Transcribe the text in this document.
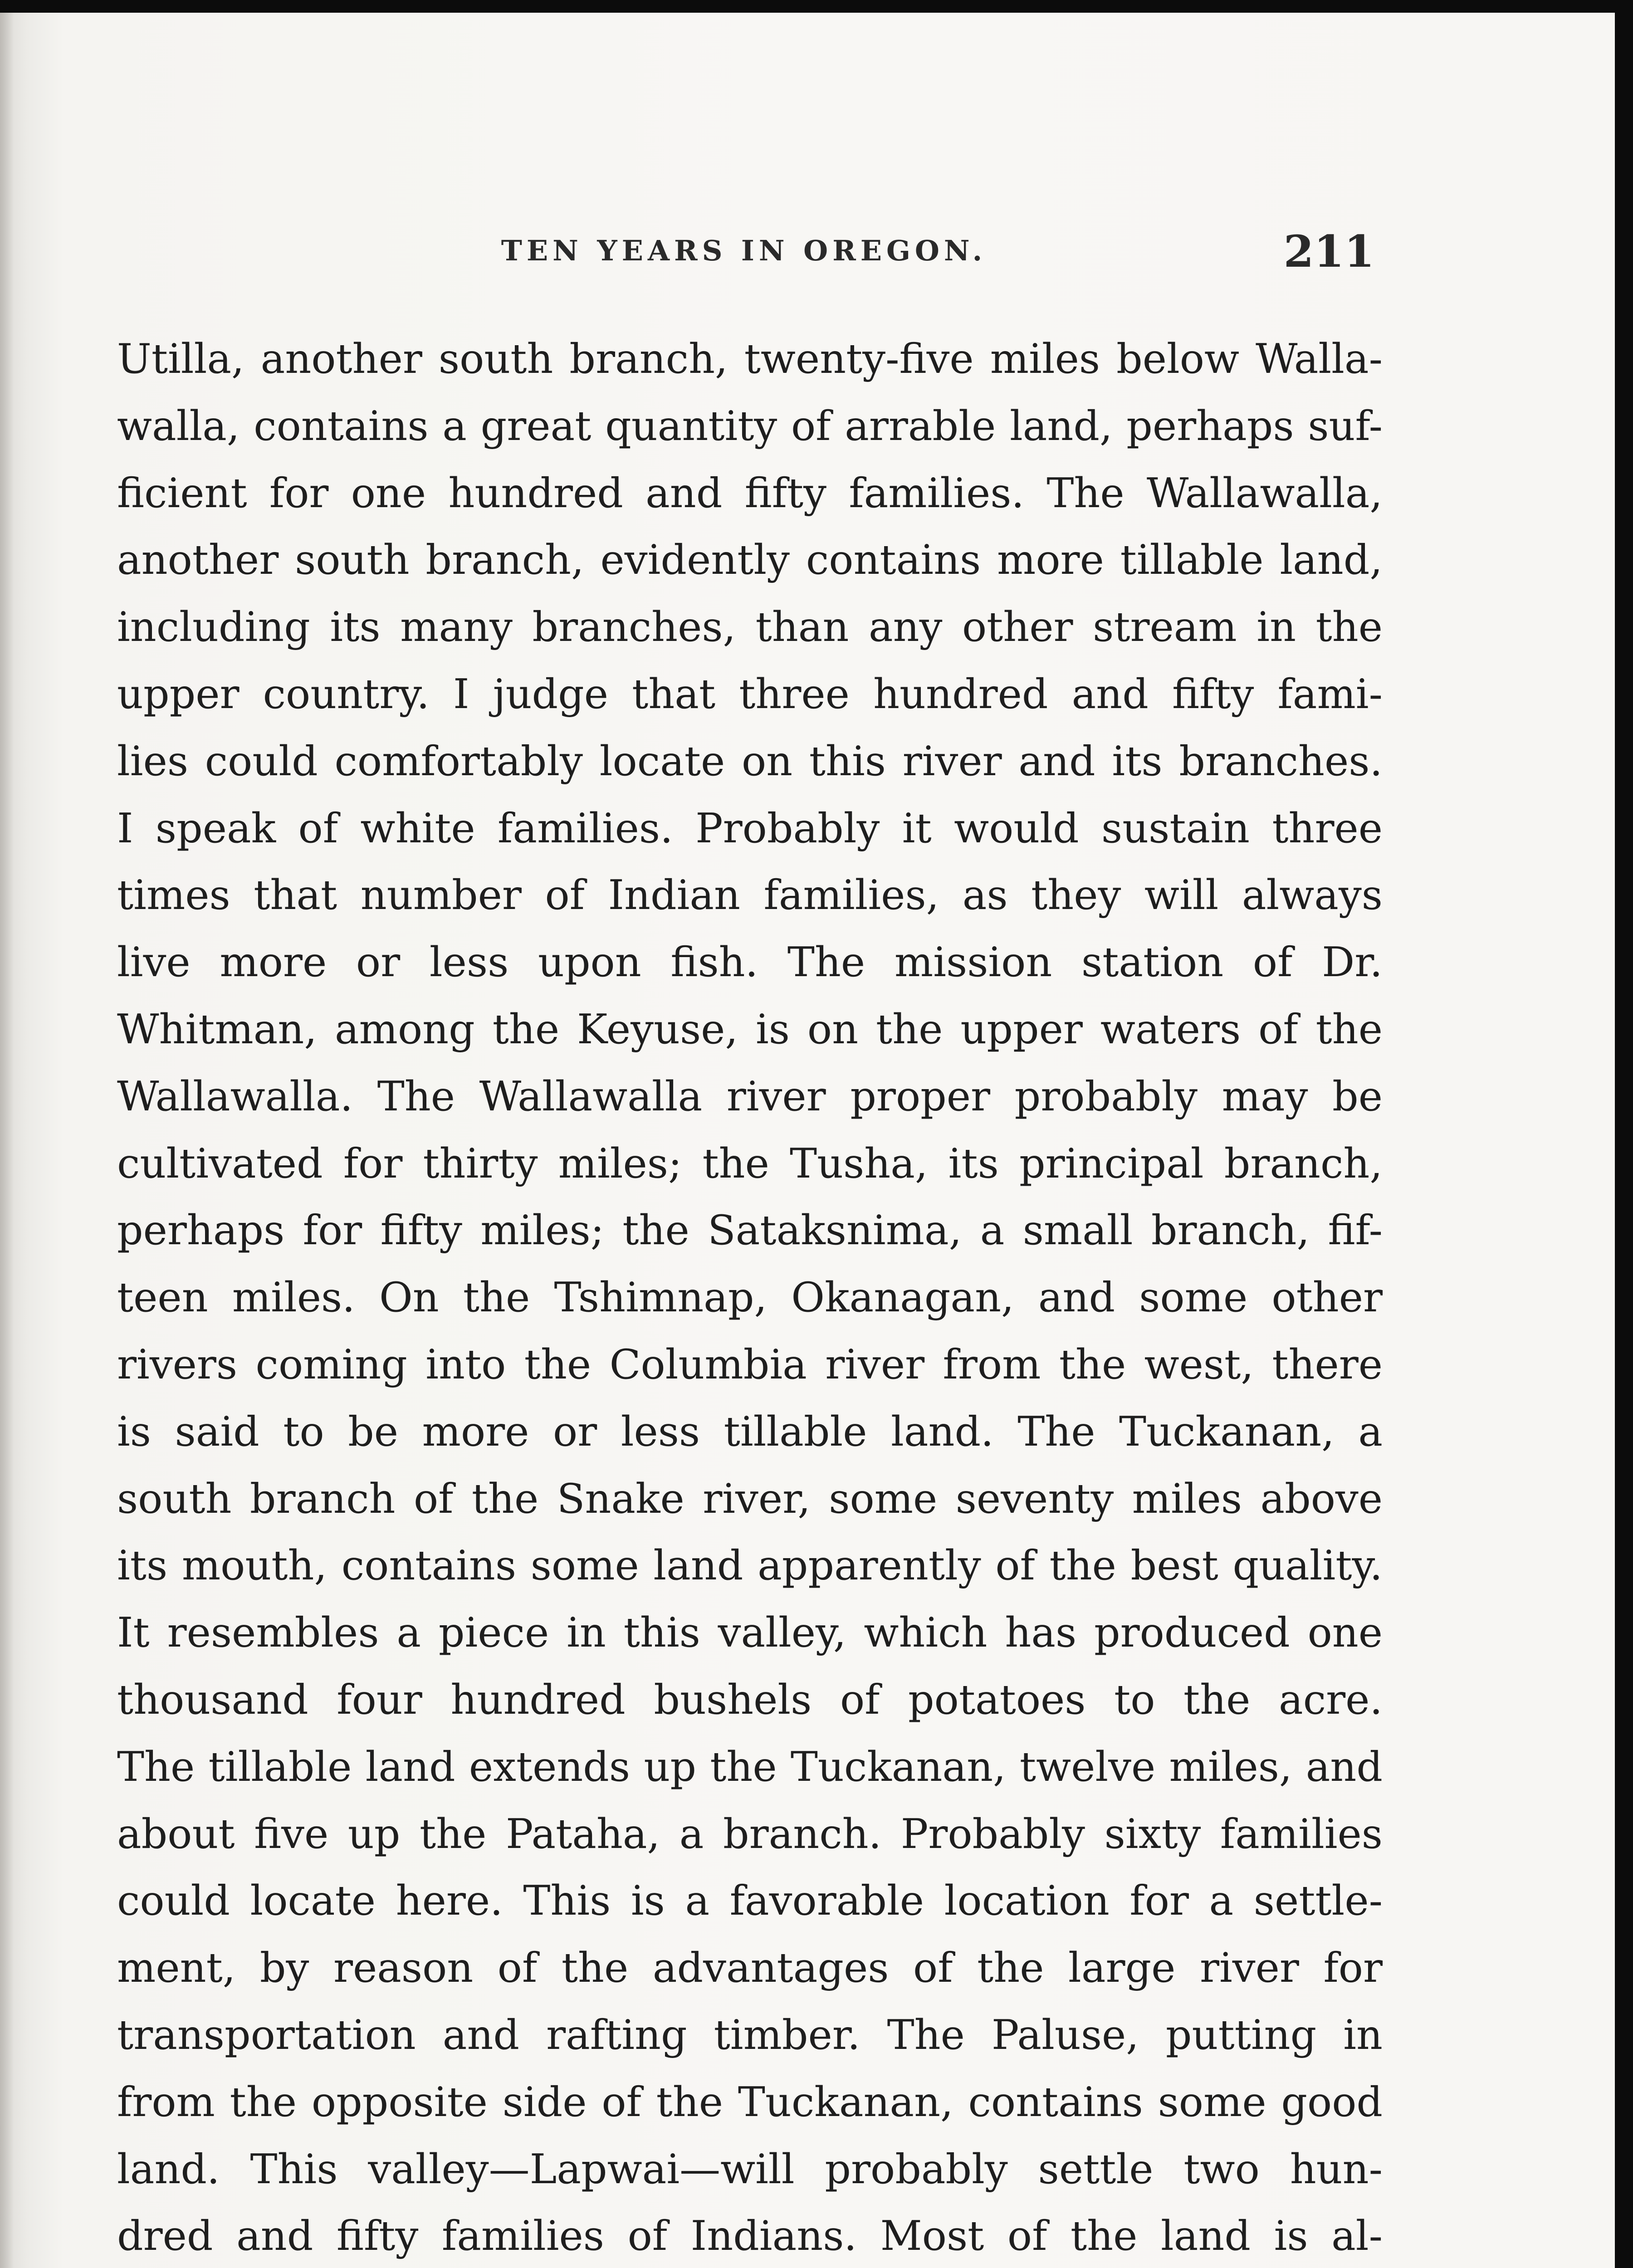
TEN YEARS IN OREGON.	211
Utilla, another south branch, twenty-five miles below Walla-
walla, contains a great quantity of arrable land, perhaps suf-
ficient for one hundred and fifty families. The Wallawalla,
another south branch, evidently contains more tillable land,
including its many branches, than any other stream in the
upper country. I judge that three hundred and fifty fami-
lies could comfortably locate on this river and its branches.
I speak of white families. Probably it would sustain three
times that number of Indian families, as they will always
live more or less upon fish. The mission station of Dr.
Whitman, among the Keyuse, is on the upper waters of the
Wallawalla. The Wallawalla river proper probably may be
cultivated for thirty miles; the Tusha, its principal branch,
perhaps for fifty miles; the Sataksnima, a small branch, fif-
teen miles. On the Tshimnap, Okanagan, and some other
rivers coming into the Columbia river from the west, there
is said to be more or less tillable land. The Tuckanan, a
south branch of the Snake river, some seventy miles above
its mouth, contains some land apparently of the best quality.
It resembles a piece in this valley, which has produced one
thousand four hundred bushels of potatoes to the acre.
The tillable land extends up the Tuckanan, twelve miles, and
about five up the Pataha, a branch. Probably sixty families
could locate here. This is a favorable location for a settle-
ment, by reason of the advantages of the large river for
transportation and rafting timber. The Paluse, putting in
from the opposite side of the Tuckanan, contains some good
land. This valley—Lapwai—will probably settle two hun-
dred and fifty families of Indians. Most of the land is al-
